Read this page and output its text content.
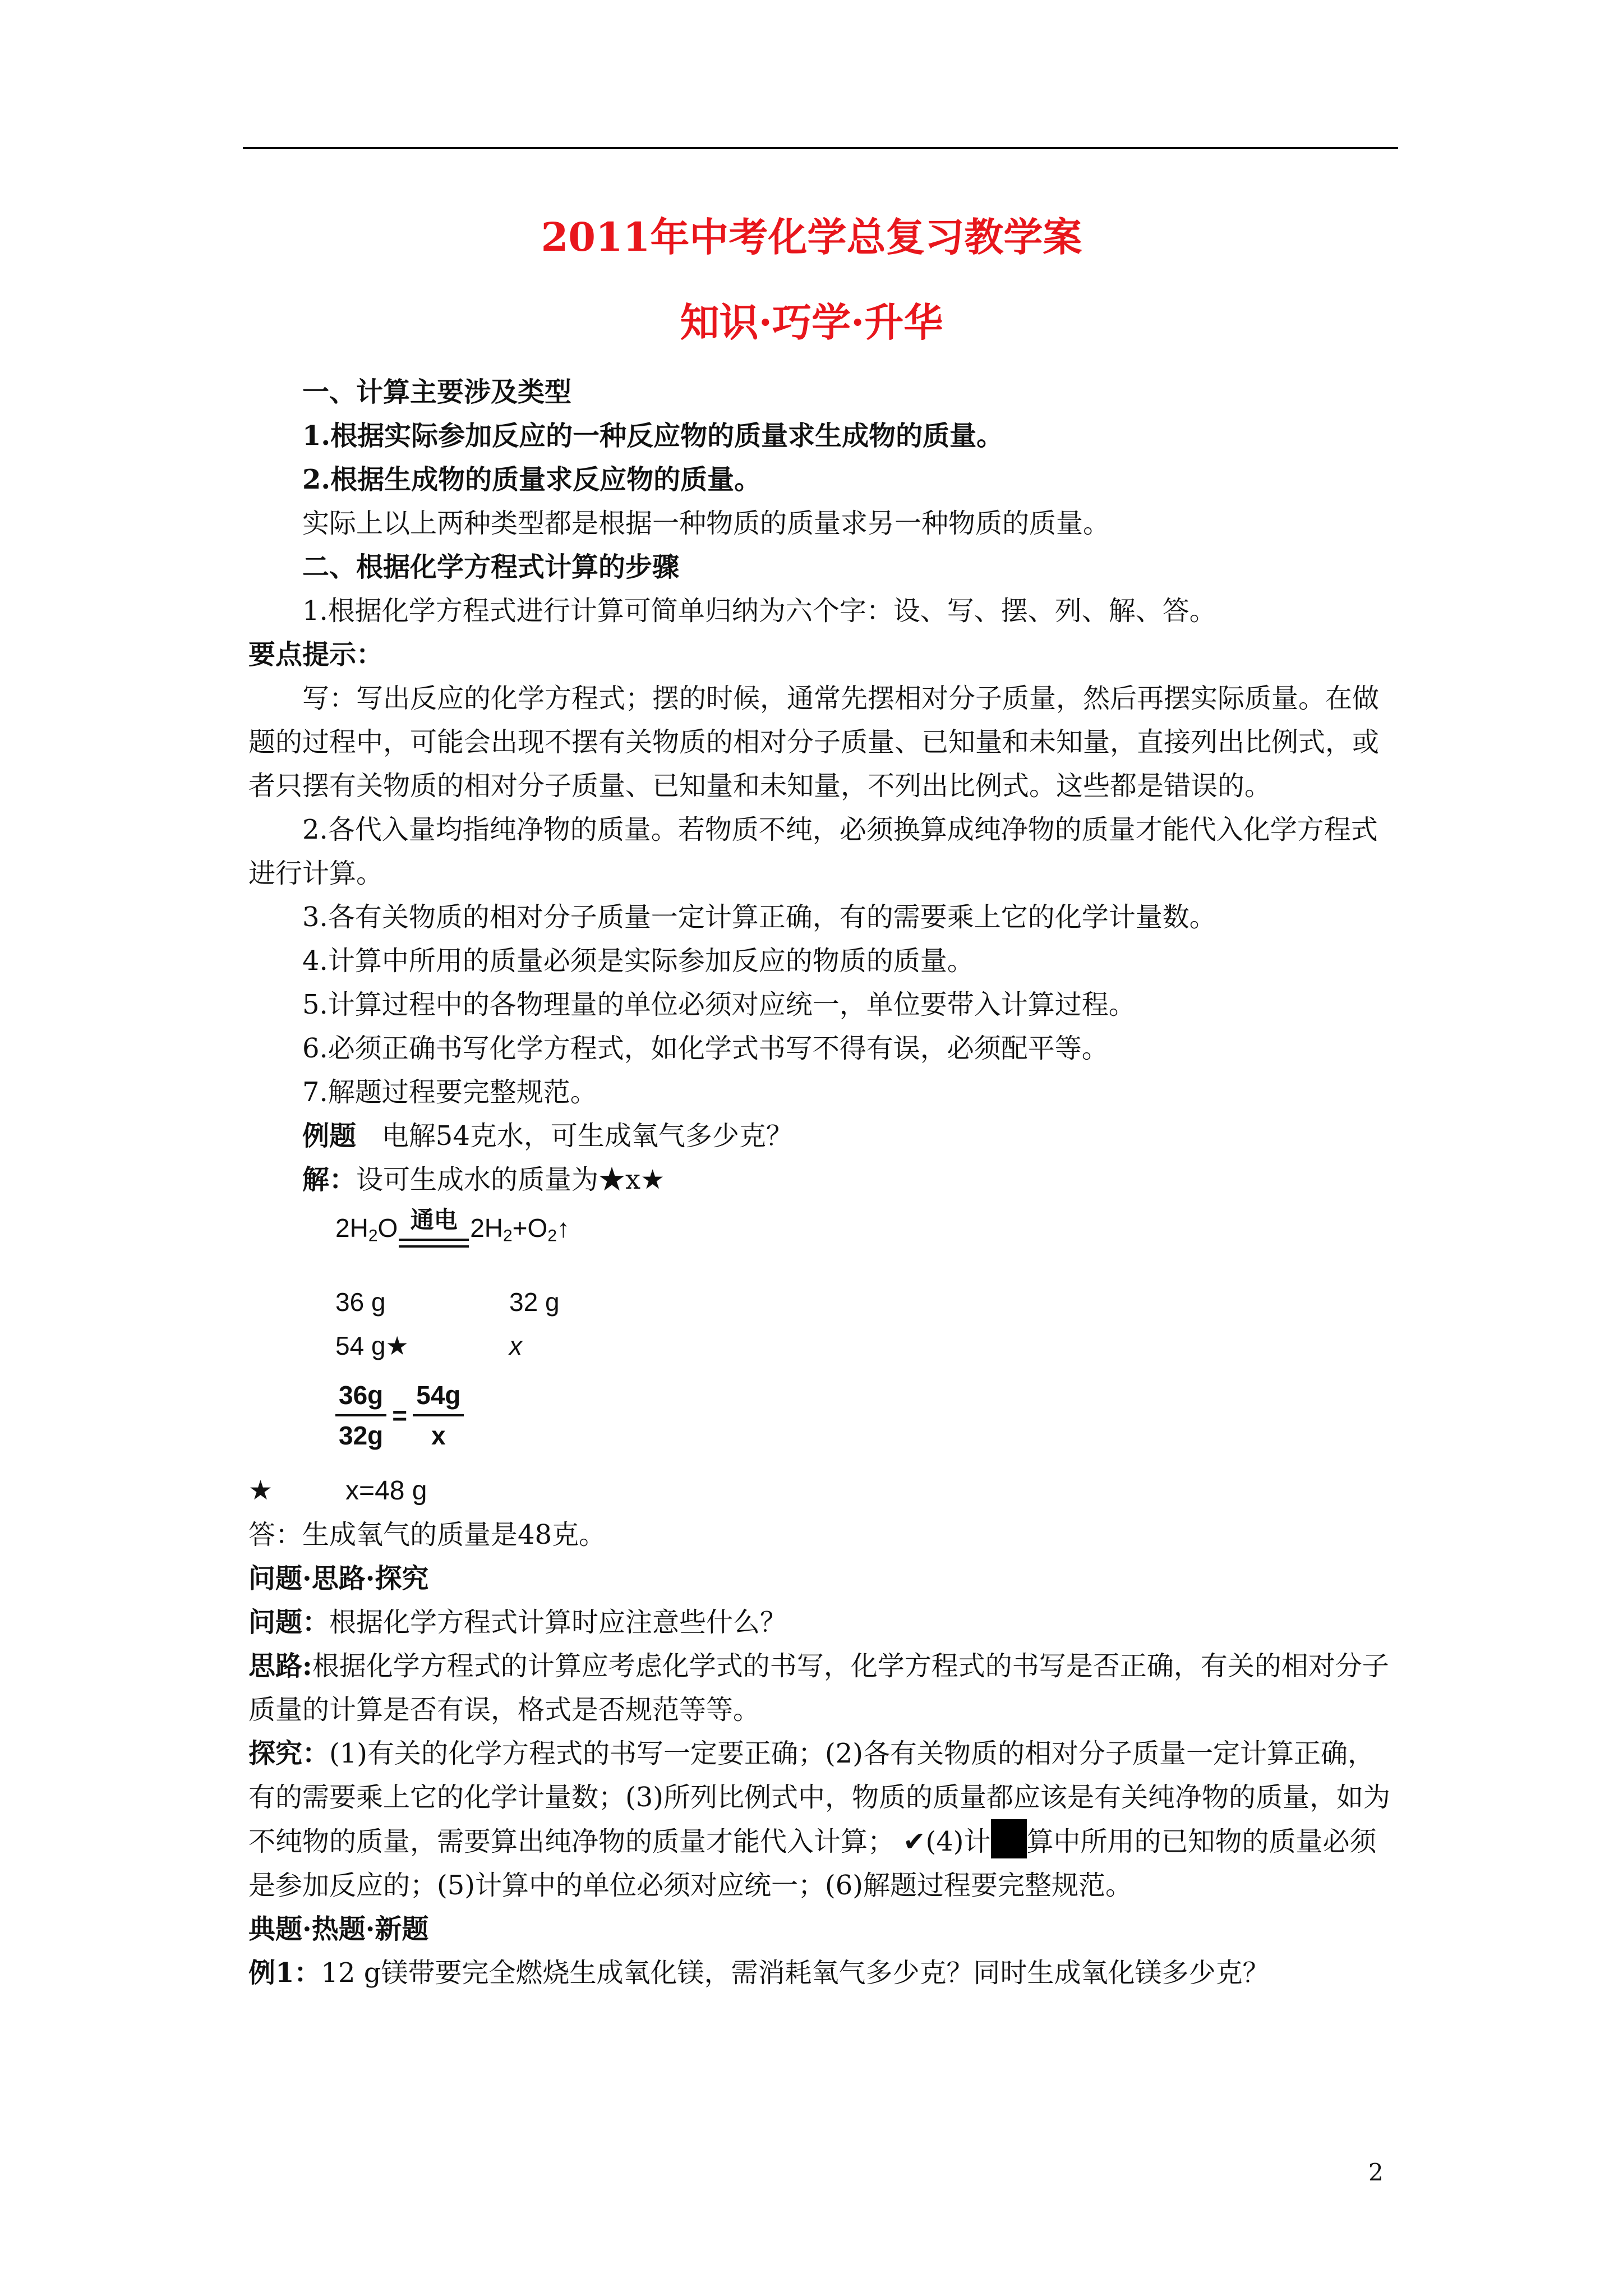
2011年中考化学总复习教学案
知识·巧学·升华

一、计算主要涉及类型

1.根据实际参加反应的一种反应物的质量求生成物的质量。

2.根据生成物的质量求反应物的质量。

实际上以上两种类型都是根据一种物质的质量求另一种物质的质量。

二、根据化学方程式计算的步骤

1.根据化学方程式进行计算可简单归纳为六个字：设、写、摆、列、解、答。

要点提示：

写：写出反应的化学方程式；摆的时候，通常先摆相对分子质量，然后再摆实际质量。在做题的过程中，可能会出现不摆有关物质的相对分子质量、已知量和未知量，直接列出比例式，或者只摆有关物质的相对分子质量、已知量和未知量，不列出比例式。这些都是错误的。

2.各代入量均指纯净物的质量。若物质不纯，必须换算成纯净物的质量才能代入化学方程式进行计算。

3.各有关物质的相对分子质量一定计算正确，有的需要乘上它的化学计量数。

4.计算中所用的质量必须是实际参加反应的物质的质量。

5.计算过程中的各物理量的单位必须对应统一，单位要带入计算过程。

6.必须正确书写化学方程式，如化学式书写不得有误，必须配平等。

7.解题过程要完整规范。

例题 电解54克水，可生成氧气多少克？

解：设可生成水的质量为★x★

$2H_2O$ 通电 $2H_2+O_2↑$
36 g	32 g
54 g★	x
$\frac{36g}{32g} = \frac{54g}{x}$

★	x=48 g

答：生成氧气的质量是48克。

问题·思路·探究

问题：根据化学方程式计算时应注意些什么？

思路:根据化学方程式的计算应考虑化学式的书写，化学方程式的书写是否正确，有关的相对分子质量的计算是否有误，格式是否规范等等。

探究：(1)有关的化学方程式的书写一定要正确；(2)各有关物质的相对分子质量一定计算正确，有的需要乘上它的化学计量数；(3)所列比例式中，物质的质量都应该是有关纯净物的质量，如为不纯物的质量，需要算出纯净物的质量才能代入计算； ✔(4)计 算中所用的已知物的质量必须是参加反应的；(5)计算中的单位必须对应统一；(6)解题过程要完整规范。

典题·热题·新题

例1：12 g镁带要完全燃烧生成氧化镁，需消耗氧气多少克？同时生成氧化镁多少克？

2
